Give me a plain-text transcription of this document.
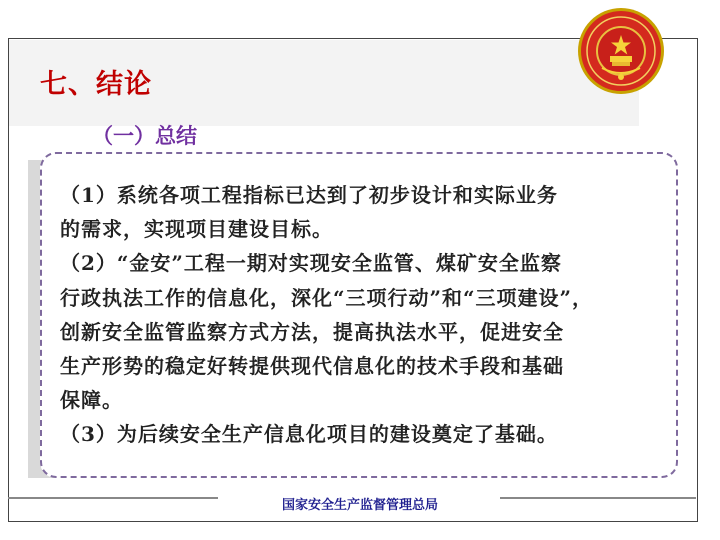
七、结论
（一）总结
（1）系统各项工程指标已达到了初步设计和实际业务
的需求，实现项目建设目标。
（2）“金安”工程一期对实现安全监管、煤矿安全监察
行政执法工作的信息化，深化“三项行动”和“三项建设”，
创新安全监管监察方式方法，提高执法水平，促进安全
生产形势的稳定好转提供现代信息化的技术手段和基础
保障。
（3）为后续安全生产信息化项目的建设奠定了基础。
国家安全生产监督管理总局
